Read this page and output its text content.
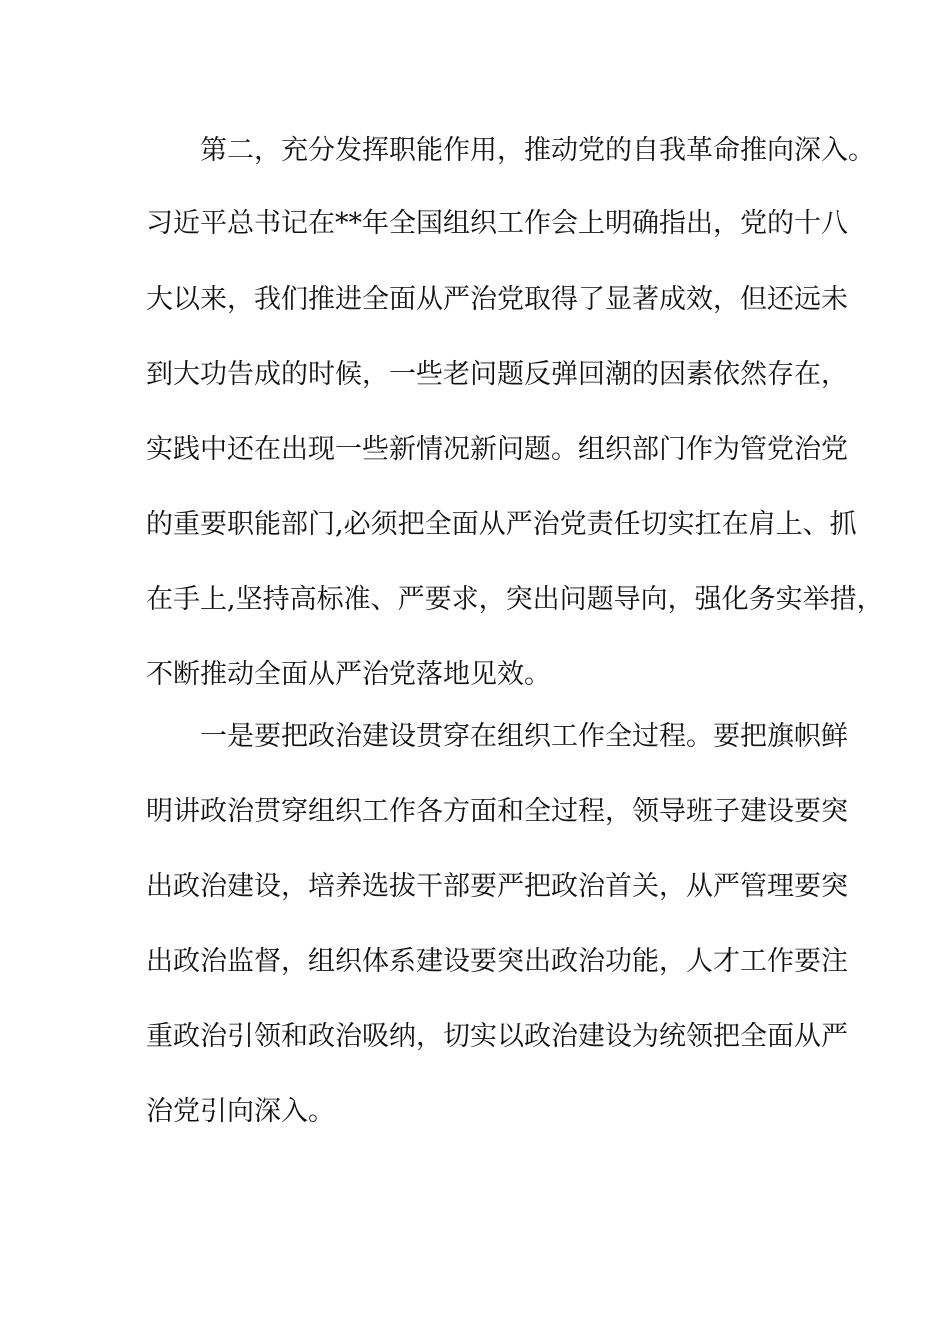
第二，充分发挥职能作用，推动党的自我革命推向深入。
习近平总书记在**年全国组织工作会上明确指出，党的十八
大以来，我们推进全面从严治党取得了显著成效，但还远未
到大功告成的时候，一些老问题反弹回潮的因素依然存在，
实践中还在出现一些新情况新问题。组织部门作为管党治党
的重要职能部门,必须把全面从严治党责任切实扛在肩上、抓
在手上,坚持高标准、严要求，突出问题导向，强化务实举措，
不断推动全面从严治党落地见效。
一是要把政治建设贯穿在组织工作全过程。要把旗帜鲜
明讲政治贯穿组织工作各方面和全过程，领导班子建设要突
出政治建设，培养选拔干部要严把政治首关，从严管理要突
出政治监督，组织体系建设要突出政治功能，人才工作要注
重政治引领和政治吸纳，切实以政治建设为统领把全面从严
治党引向深入。
